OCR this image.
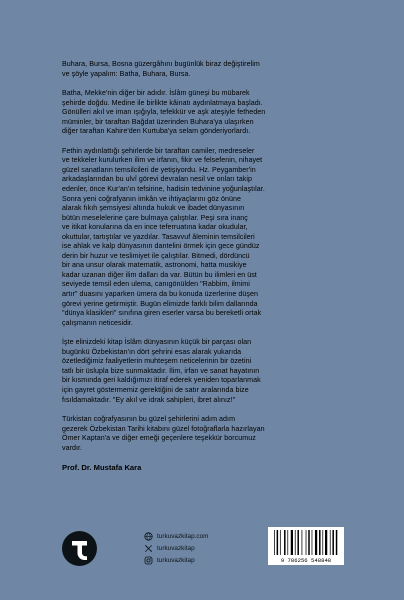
Buhara, Bursa, Bosna güzergâhını bugünlük biraz değiştirelim
ve şöyle yapalım: Batha, Buhara, Bursa.

Batha, Mekke'nin diğer bir adıdır. İslâm güneşi bu mübarek
şehirde doğdu. Medine ile birlikte kâinatı aydınlatmaya başladı.
Gönülleri akıl ve iman ışığıyla, tefekkür ve aşk ateşiyle fetheden
müminler, bir taraftan Bağdat üzerinden Buhara'ya ulaşırken
diğer taraftan Kahire'den Kurtuba'ya selam gönderiyorlardı.

Fethin aydınlattığı şehirlerde bir taraftan camiler, medreseler
ve tekkeler kurulurken ilim ve irfanın, fikir ve felsefenin, nihayet
güzel sanatların temsilcileri de yetişiyordu. Hz. Peygamber'in
arkadaşlarından bu ulvî görevi devralan nesil ve onları takip
edenler, önce Kur'an'ın tefsirine, hadisin tedvinine yoğunlaştılar.
Sonra yeni coğrafyanın imkân ve ihtiyaçlarını göz önüne
alarak fıkıh şemsiyesi altında hukuk ve ibadet dünyasının
bütün meselelerine çare bulmaya çalıştılar. Peşi sıra inanç
ve itikat konularına da en ince teferruatına kadar okudular,
okuttular, tartıştılar ve yazdılar. Tasavvuf âleminin temsilcileri
ise ahlak ve kalp dünyasının dantelini örmek için gece gündüz
derin bir huzur ve teslimiyet ile çalıştılar. Bitmedi, dördüncü
bir ana unsur olarak matematik, astronomi, hatta musikiye
kadar uzanan diğer ilim dalları da var. Bütün bu ilimleri en üst
seviyede temsil eden ulema, canıgönülden "Rabbim, ilmimi
artır" duasını yaparken ümera da bu konuda üzerlerine düşen
görevi yerine getirmiştir. Bugün elimizde farklı bilim dallarında
"dünya klasikleri" sınıfına giren eserler varsa bu bereketli ortak
çalışmanın neticesidir.

İşte elinizdeki kitap İslâm dünyasının küçük bir parçası olan
bugünkü Özbekistan'ın dört şehrini esas alarak yukarıda
özetlediğimiz faaliyetlerin muhteşem neticelerinin bir özetini
tatlı bir üslupla bize sunmaktadır. İlim, irfan ve sanat hayatının
bir kısmında geri kaldığımızı itiraf ederek yeniden toparlanmak
için gayret göstermemiz gerektiğini de satır aralarında bize
fısıldamaktadır. "Ey akıl ve idrak sahipleri, ibret alınız!"

Türkistan coğrafyasının bu güzel şehirlerini adım adım
gezerek Özbekistan Tarihi kitabını güzel fotoğraflarla hazırlayan
Ömer Kaptan'a ve diğer emeği geçenlere teşekkür borcumuz
vardır.

Prof. Dr. Mustafa Kara
turkuvazkitap.com
turkuvazkitap
turkuvazkitap	9 786256 548848
